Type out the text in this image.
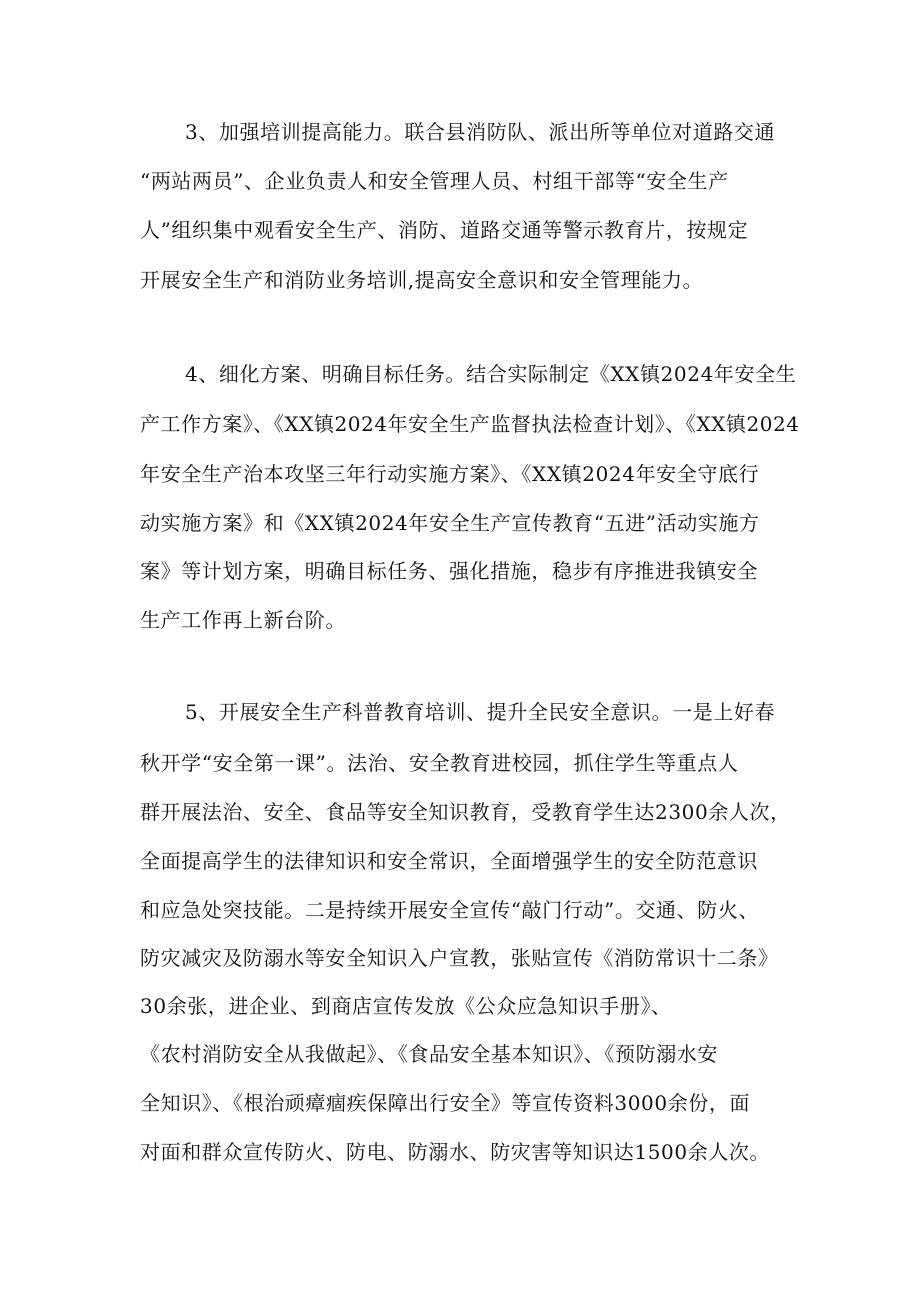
3、加强培训提高能力。联合县消防队、派出所等单位对道路交通
“两站两员”、企业负责人和安全管理人员、村组干部等“安全生产
人”组织集中观看安全生产、消防、道路交通等警示教育片，按规定
开展安全生产和消防业务培训,提高安全意识和安全管理能力。
4、细化方案、明确目标任务。结合实际制定《XX镇2024年安全生
产工作方案》、《XX镇2024年安全生产监督执法检查计划》、《XX镇2024
年安全生产治本攻坚三年行动实施方案》、《XX镇2024年安全守底行
动实施方案》和《XX镇2024年安全生产宣传教育“五进”活动实施方
案》等计划方案，明确目标任务、强化措施，稳步有序推进我镇安全
生产工作再上新台阶。
5、开展安全生产科普教育培训、提升全民安全意识。一是上好春
秋开学“安全第一课”。法治、安全教育进校园，抓住学生等重点人
群开展法治、安全、食品等安全知识教育，受教育学生达2300余人次，
全面提高学生的法律知识和安全常识，全面增强学生的安全防范意识
和应急处突技能。二是持续开展安全宣传“敲门行动”。交通、防火、
防灾减灾及防溺水等安全知识入户宣教，张贴宣传《消防常识十二条》
30余张，进企业、到商店宣传发放《公众应急知识手册》、
《农村消防安全从我做起》、《食品安全基本知识》、《预防溺水安
全知识》、《根治顽瘴痼疾保障出行安全》等宣传资料3000余份，面
对面和群众宣传防火、防电、防溺水、防灾害等知识达1500余人次。
